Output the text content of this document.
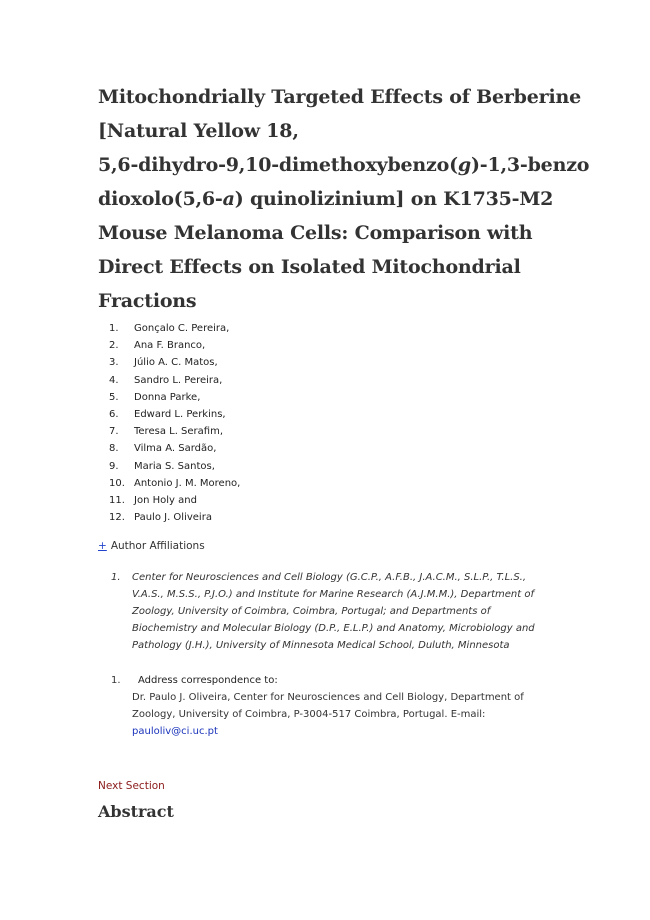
Mitochondrially Targeted Effects of Berberine
[Natural Yellow 18,
5,6-dihydro-9,10-dimethoxybenzo(g)-1,3-benzo
dioxolo(5,6-a) quinolizinium] on K1735-M2
Mouse Melanoma Cells: Comparison with
Direct Effects on Isolated Mitochondrial
Fractions
1.	Gonçalo C. Pereira,
2.	Ana F. Branco,
3.	Júlio A. C. Matos,
4.	Sandro L. Pereira,
5.	Donna Parke,
6.	Edward L. Perkins,
7.	Teresa L. Serafim,
8.	Vilma A. Sardão,
9.	Maria S. Santos,
10. Antonio J. M. Moreno,
11. Jon Holy and
12. Paulo J. Oliveira
+ Author Affiliations
1.	Center for Neurosciences and Cell Biology (G.C.P., A.F.B., J.A.C.M., S.L.P., T.L.S., V.A.S., M.S.S., P.J.O.) and Institute for Marine Research (A.J.M.M.), Department of Zoology, University of Coimbra, Coimbra, Portugal; and Departments of Biochemistry and Molecular Biology (D.P., E.L.P.) and Anatomy, Microbiology and Pathology (J.H.), University of Minnesota Medical School, Duluth, Minnesota
1.	Address correspondence to:
Dr. Paulo J. Oliveira, Center for Neurosciences and Cell Biology, Department of Zoology, University of Coimbra, P-3004-517 Coimbra, Portugal. E-mail:
pauloliv@ci.uc.pt
Next Section
Abstract
